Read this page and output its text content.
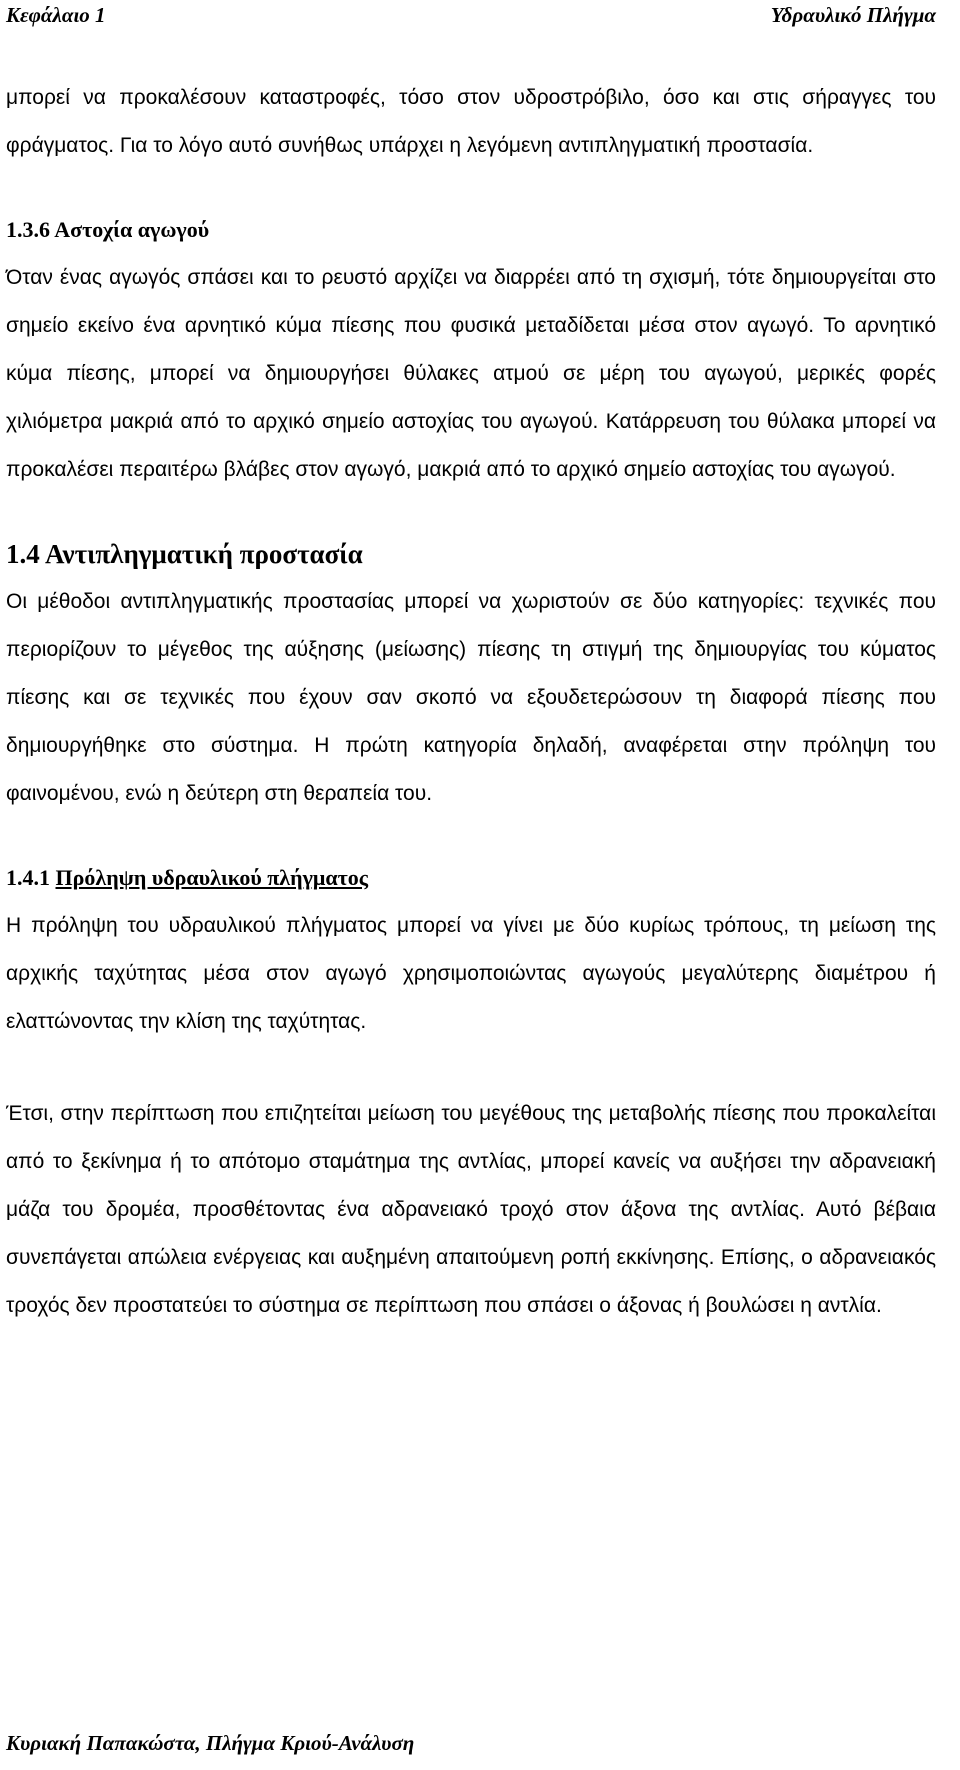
Κεφάλαιο 1	Υδραυλικό Πλήγμα

μπορεί να προκαλέσουν καταστροφές, τόσο στον υδροστρόβιλο, όσο και στις σήραγγες του φράγματος. Για το λόγο αυτό συνήθως υπάρχει η λεγόμενη αντιπληγματική προστασία.

1.3.6 Αστοχία αγωγού

Όταν ένας αγωγός σπάσει και το ρευστό αρχίζει να διαρρέει από τη σχισμή, τότε δημιουργείται στο σημείο εκείνο ένα αρνητικό κύμα πίεσης που φυσικά μεταδίδεται μέσα στον αγωγό. Το αρνητικό κύμα πίεσης, μπορεί να δημιουργήσει θύλακες ατμού σε μέρη του αγωγού, μερικές φορές χιλιόμετρα μακριά από το αρχικό σημείο αστοχίας του αγωγού. Κατάρρευση του θύλακα μπορεί να προκαλέσει περαιτέρω βλάβες στον αγωγό, μακριά από το αρχικό σημείο αστοχίας του αγωγού.

1.4 Αντιπληγματική προστασία

Οι μέθοδοι αντιπληγματικής προστασίας μπορεί να χωριστούν σε δύο κατηγορίες: τεχνικές που περιορίζουν το μέγεθος της αύξησης (μείωσης) πίεσης τη στιγμή της δημιουργίας του κύματος πίεσης και σε τεχνικές που έχουν σαν σκοπό να εξουδετερώσουν τη διαφορά πίεσης που δημιουργήθηκε στο σύστημα. Η πρώτη κατηγορία δηλαδή, αναφέρεται στην πρόληψη του φαινομένου, ενώ η δεύτερη στη θεραπεία του.

1.4.1 Πρόληψη υδραυλικού πλήγματος

Η πρόληψη του υδραυλικού πλήγματος μπορεί να γίνει με δύο κυρίως τρόπους, τη μείωση της αρχικής ταχύτητας μέσα στον αγωγό χρησιμοποιώντας αγωγούς μεγαλύτερης διαμέτρου ή ελαττώνοντας την κλίση της ταχύτητας.

Έτσι, στην περίπτωση που επιζητείται μείωση του μεγέθους της μεταβολής πίεσης που προκαλείται από το ξεκίνημα ή το απότομο σταμάτημα της αντλίας, μπορεί κανείς να αυξήσει την αδρανειακή μάζα του δρομέα, προσθέτοντας ένα αδρανειακό τροχό στον άξονα της αντλίας. Αυτό βέβαια συνεπάγεται απώλεια ενέργειας και αυξημένη απαιτούμενη ροπή εκκίνησης. Επίσης, ο αδρανειακός τροχός δεν προστατεύει το σύστημα σε περίπτωση που σπάσει ο άξονας ή βουλώσει η αντλία.

Κυριακή Παπακώστα, Πλήγμα Κριού-Ανάλυση
